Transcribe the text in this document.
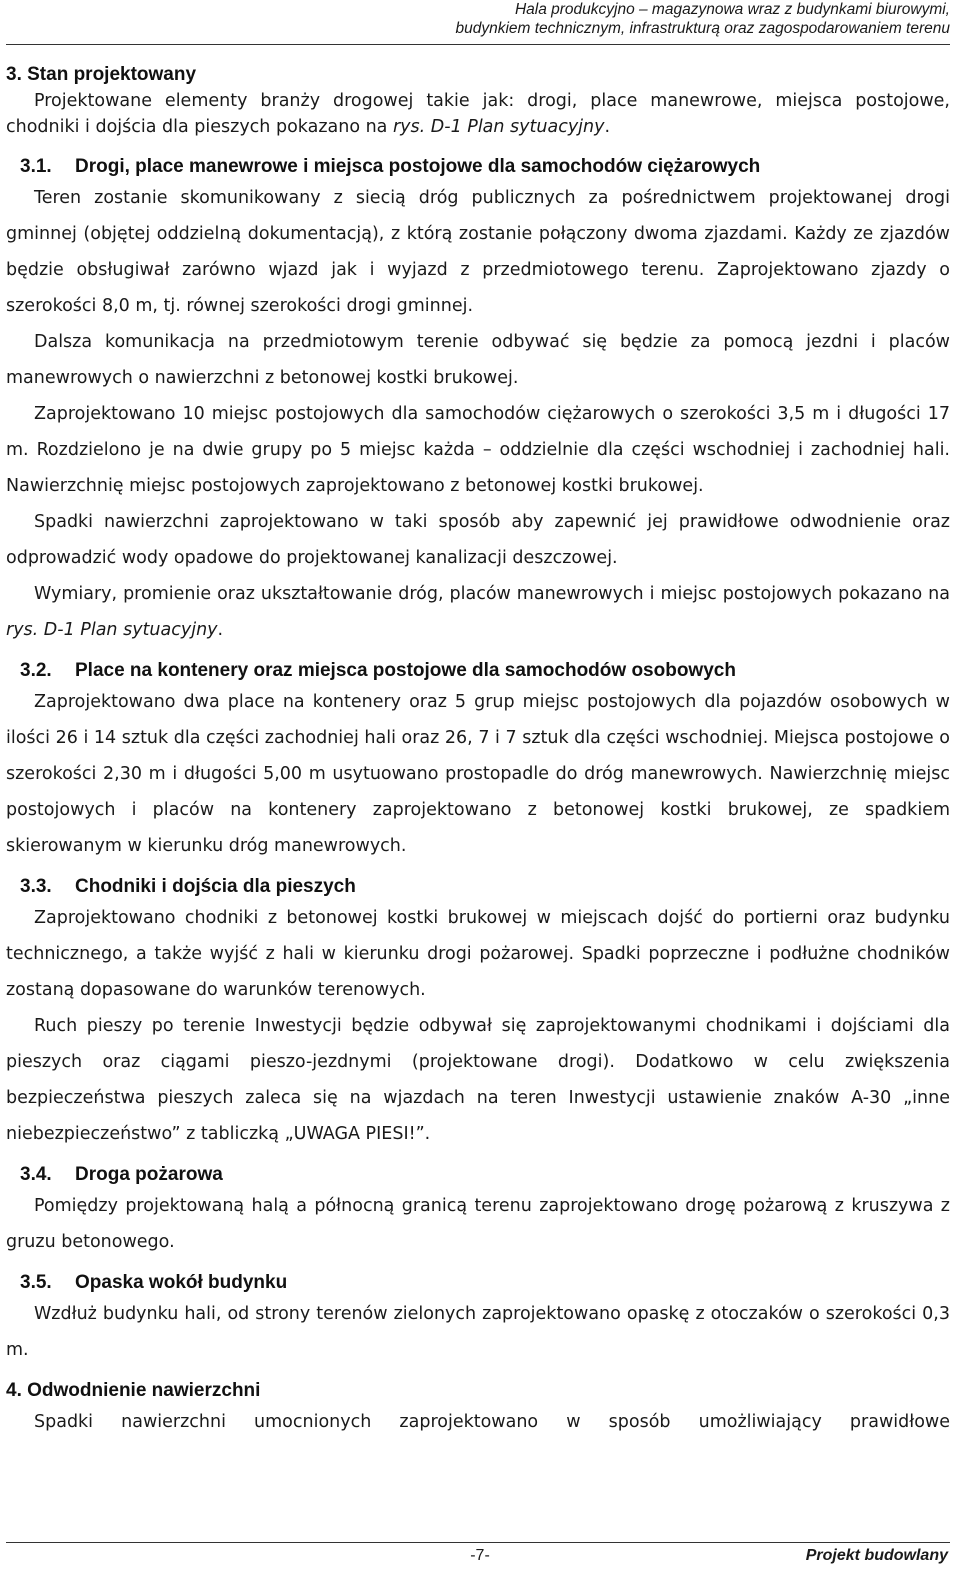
Hala produkcyjno – magazynowa wraz z budynkami biurowymi,
budynkiem technicznym, infrastrukturą oraz zagospodarowaniem terenu
3. Stan projektowany

Projektowane elementy branży drogowej takie jak: drogi, place manewrowe, miejsca postojowe, chodniki i dojścia dla pieszych pokazano na rys. D-1 Plan sytuacyjny.

3.1. Drogi, place manewrowe i miejsca postojowe dla samochodów ciężarowych

Teren zostanie skomunikowany z siecią dróg publicznych za pośrednictwem projektowanej drogi gminnej (objętej oddzielną dokumentacją), z którą zostanie połączony dwoma zjazdami. Każdy ze zjazdów będzie obsługiwał zarówno wjazd jak i wyjazd z przedmiotowego terenu. Zaprojektowano zjazdy o szerokości 8,0 m, tj. równej szerokości drogi gminnej.

Dalsza komunikacja na przedmiotowym terenie odbywać się będzie za pomocą jezdni i placów manewrowych o nawierzchni z betonowej kostki brukowej.

Zaprojektowano 10 miejsc postojowych dla samochodów ciężarowych o szerokości 3,5 m i długości 17 m. Rozdzielono je na dwie grupy po 5 miejsc każda – oddzielnie dla części wschodniej i zachodniej hali. Nawierzchnię miejsc postojowych zaprojektowano z betonowej kostki brukowej.

Spadki nawierzchni zaprojektowano w taki sposób aby zapewnić jej prawidłowe odwodnienie oraz odprowadzić wody opadowe do projektowanej kanalizacji deszczowej.

Wymiary, promienie oraz ukształtowanie dróg, placów manewrowych i miejsc postojowych pokazano na rys. D-1 Plan sytuacyjny.

3.2. Place na kontenery oraz miejsca postojowe dla samochodów osobowych

Zaprojektowano dwa place na kontenery oraz 5 grup miejsc postojowych dla pojazdów osobowych w ilości 26 i 14 sztuk dla części zachodniej hali oraz 26, 7 i 7 sztuk dla części wschodniej. Miejsca postojowe o szerokości 2,30 m i długości 5,00 m usytuowano prostopadle do dróg manewrowych. Nawierzchnię miejsc postojowych i placów na kontenery zaprojektowano z betonowej kostki brukowej, ze spadkiem skierowanym w kierunku dróg manewrowych.

3.3. Chodniki i dojścia dla pieszych

Zaprojektowano chodniki z betonowej kostki brukowej w miejscach dojść do portierni oraz budynku technicznego, a także wyjść z hali w kierunku drogi pożarowej. Spadki poprzeczne i podłużne chodników zostaną dopasowane do warunków terenowych.

Ruch pieszy po terenie Inwestycji będzie odbywał się zaprojektowanymi chodnikami i dojściami dla pieszych oraz ciągami pieszo-jezdnymi (projektowane drogi). Dodatkowo w celu zwiększenia bezpieczeństwa pieszych zaleca się na wjazdach na teren Inwestycji ustawienie znaków A-30 „inne niebezpieczeństwo” z tabliczką „UWAGA PIESI!”.

3.4. Droga pożarowa

Pomiędzy projektowaną halą a północną granicą terenu zaprojektowano drogę pożarową z kruszywa z gruzu betonowego.

3.5. Opaska wokół budynku

Wzdłuż budynku hali, od strony terenów zielonych zaprojektowano opaskę z otoczaków o szerokości 0,3 m.

4. Odwodnienie nawierzchni

Spadki nawierzchni umocnionych zaprojektowano w sposób umożliwiający prawidłowe

-7-	Projekt budowlany
